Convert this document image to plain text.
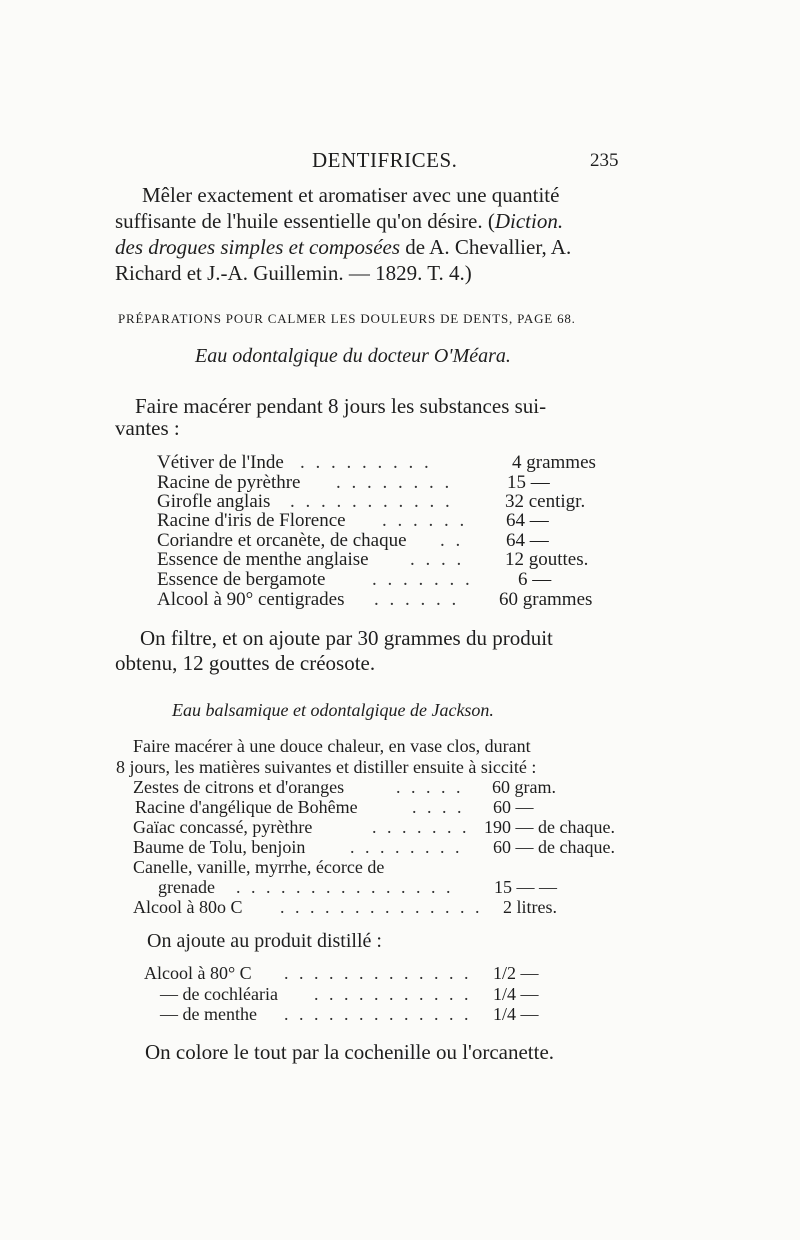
DENTIFRICES.	235
Mêler exactement et aromatiser avec une quantité
suffisante de l'huile essentielle qu'on désire. (Diction.
des drogues simples et composées de A. Chevallier, A.
Richard et J.-A. Guillemin. — 1829. T. 4.)
PRÉPARATIONS POUR CALMER LES DOULEURS DE DENTS, PAGE 68.
Eau odontalgique du docteur O'Méara.
Faire macérer pendant 8 jours les substances sui-
vantes :
Vétiver de l'Inde . . . . . . . . .	4 grammes
Racine de pyrèthre . . . . . . . .	15 —
Girofle anglais . . . . . . . . . . .	32 centigr.
Racine d'iris de Florence . . . . . . 64 —
Coriandre et orcanète, de chaque . . 64 —
Essence de menthe anglaise . . . . 12 gouttes.
Essence de bergamote . . . . . . . 6 —
Alcool à 90° centigrades . . . . . . 60 grammes
On filtre, et on ajoute par 30 grammes du produit
obtenu, 12 gouttes de créosote.
Eau balsamique et odontalgique de Jackson.
Faire macérer à une douce chaleur, en vase clos, durant
8 jours, les matières suivantes et distiller ensuite à siccité :
Zestes de citrons et d'oranges	. . . . . 60 gram.
Racine d'angélique de Bohême	. . . . 60 —
Gaïac concassé, pyrèthre	. . . . . . . 190 — de chaque.
Baume de Tolu, benjoin . . . . . . . . 60 — de chaque.
Canelle, vanille, myrrhe, écorce de
grenade . . . . . . . . . . . . . . . 15 — —
Alcool à 80o C . . . . . . . . . . . . . . 2 litres.
On ajoute au produit distillé :
Alcool à 80° C . . . . . . . . . . . . . 1/2 —
— de cochléaria . . . . . . . . . . . 1/4 —
— de menthe . . . . . . . . . . . . . 1/4 —
On colore le tout par la cochenille ou l'orcanette.
